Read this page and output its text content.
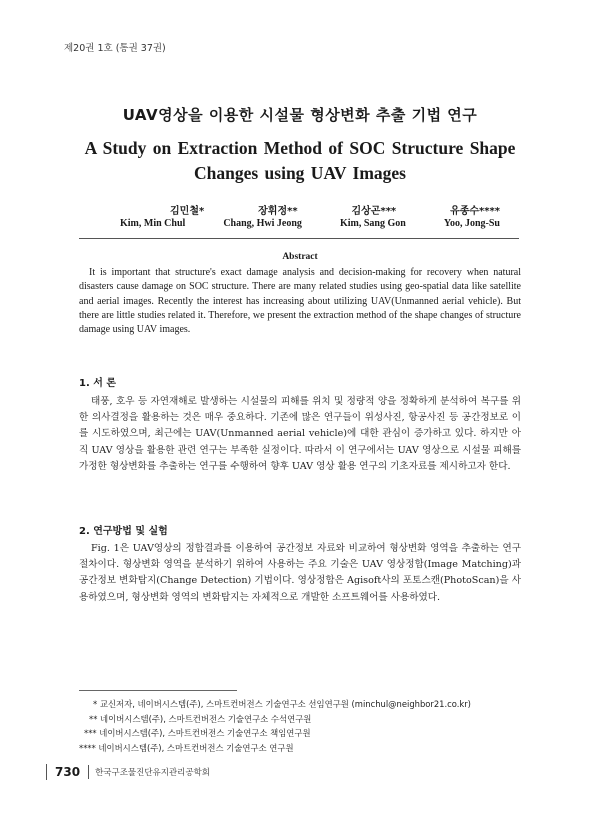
제20권 1호 (통권 37권)
UAV영상을 이용한 시설물 형상변화 추출 기법 연구
A Study on Extraction Method of SOC Structure Shape Changes using UAV Images
김민철*	장휘정**	김상곤***	유종수****
Kim, Min Chul	Chang, Hwi Jeong	Kim, Sang Gon	Yoo, Jong-Su
Abstract
It is important that structure's exact damage analysis and decision-making for recovery when natural disasters cause damage on SOC structure. There are many related studies using geo-spatial data like satellite and aerial images. Recently the interest has increasing about utilizing UAV(Unmanned aerial vehicle). But there are little studies related it. Therefore, we present the extraction method of the shape changes of structure damage using UAV images.
1. 서 론
태풍, 호우 등 자연재해로 발생하는 시설물의 피해를 위치 및 정량적 양을 정확하게 분석하여 복구를 위한 의사결정을 활용하는 것은 매우 중요하다. 기존에 많은 연구들이 위성사진, 항공사진 등 공간정보로 이를 시도하였으며, 최근에는 UAV(Unmanned aerial vehicle)에 대한 관심이 증가하고 있다. 하지만 아직 UAV 영상을 활용한 관련 연구는 부족한 실정이다. 따라서 이 연구에서는 UAV 영상으로 시설물 피해를 가정한 형상변화를 추출하는 연구를 수행하여 향후 UAV 영상 활용 연구의 기초자료를 제시하고자 한다.
2. 연구방법 및 실험
Fig. 1은 UAV영상의 정합결과를 이용하여 공간정보 자료와 비교하여 형상변화 영역을 추출하는 연구 절차이다. 형상변화 영역을 분석하기 위하여 사용하는 주요 기술은 UAV 영상정합(Image Matching)과 공간정보 변화탐지(Change Detection) 기법이다. 영상정합은 Agisoft사의 포토스캔(PhotoScan)을 사용하였으며, 형상변화 영역의 변화탐지는 자체적으로 개발한 소프트웨어를 사용하였다.
* 교신저자, 네이버시스템(주), 스마트컨버전스 기술연구소 선임연구원 (minchul@neighbor21.co.kr)
** 네이버시스템(주), 스마트컨버전스 기술연구소 수석연구원
*** 네이버시스템(주), 스마트컨버전스 기술연구소 책임연구원
**** 네이버시스템(주), 스마트컨버전스 기술연구소 연구원
730 한국구조물진단유지관리공학회
